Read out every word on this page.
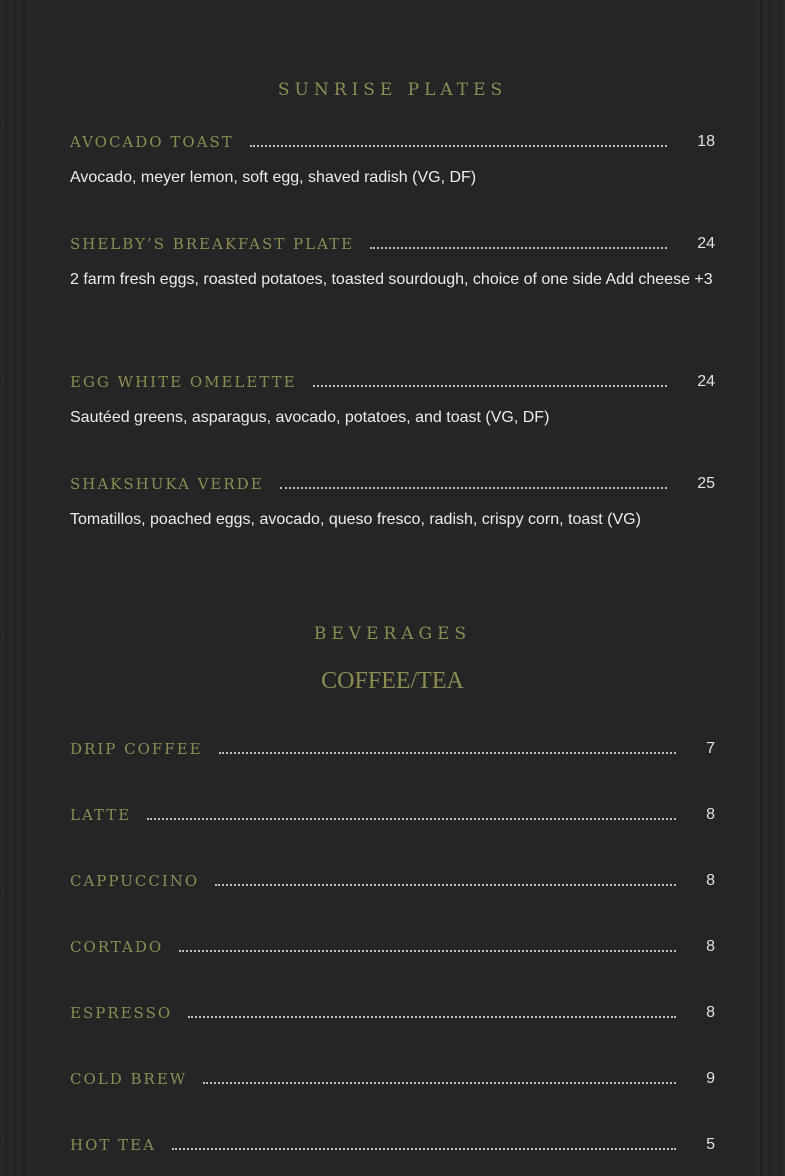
SUNRISE PLATES
AVOCADO TOAST	18
Avocado, meyer lemon, soft egg, shaved radish (VG, DF)
SHELBY’S BREAKFAST PLATE	24
2 farm fresh eggs, roasted potatoes, toasted sourdough, choice of one side Add cheese +3
EGG WHITE OMELETTE	24
Sautéed greens, asparagus, avocado, potatoes, and toast (VG, DF)
SHAKSHUKA VERDE	25
Tomatillos, poached eggs, avocado, queso fresco, radish, crispy corn, toast (VG)
BEVERAGES
COFFEE/TEA
DRIP COFFEE	7
LATTE	8
CAPPUCCINO	8
CORTADO	8
ESPRESSO	8
COLD BREW	9
HOT TEA	5
